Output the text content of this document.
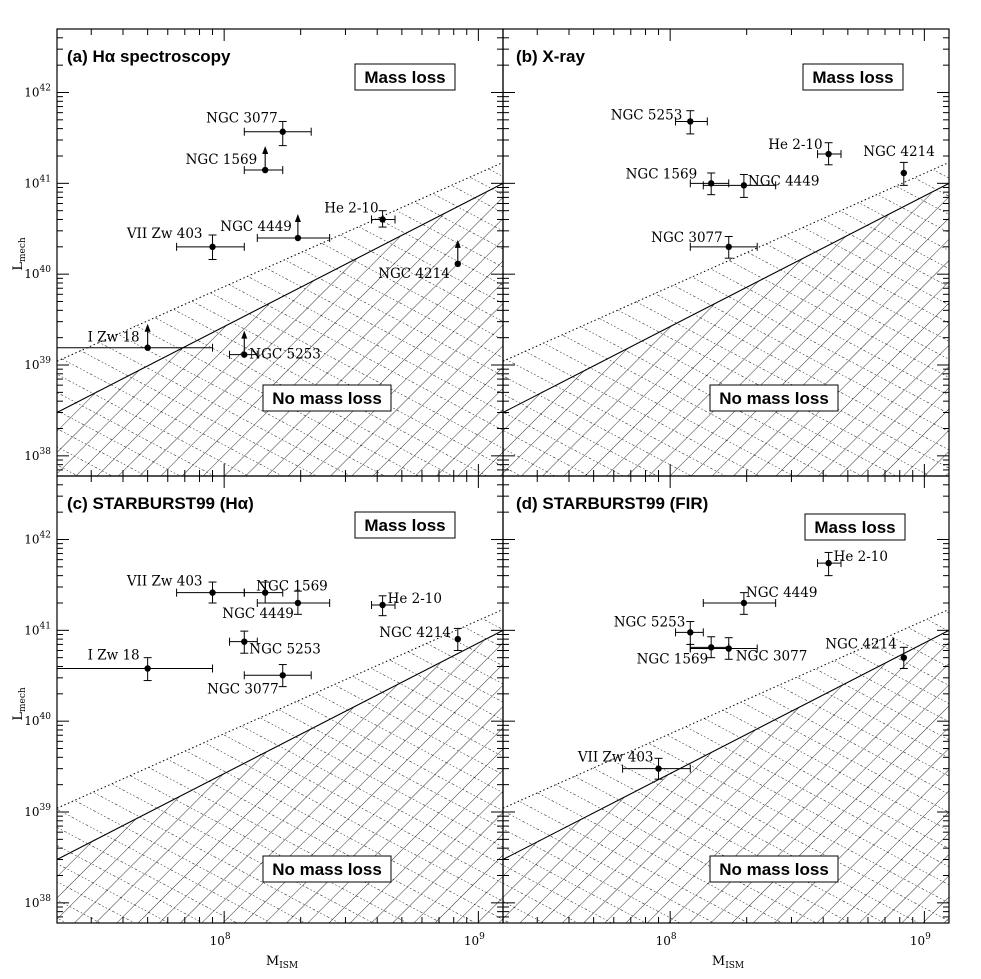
$10^{38}$
$10^{39}$
$10^{40}$
$10^{41}$
$10^{42}$
NGC 3077
NGC 1569
He 2-10
NGC 4449
VII Zw 403
NGC 4214
I Zw 18
NGC 5253
(a) Hα spectroscopy
Mass loss
No mass loss
NGC 5253
He 2-10	NGC 4214
NGC 1569	NGC 4449
NGC 3077
(b) X-ray
Mass loss
No mass loss
$10^{38}$
$10^{39}$
$10^{40}$
$10^{41}$
$10^{42}$
$10^8$	$10^9$
VII Zw 403	NGC 1569
NGC 4449
He 2-10
NGC 5253
NGC 4214
I Zw 18
NGC 3077
(c) STARBURST99 (Hα)
Mass loss
No mass loss
$10^8$	$10^9$
He 2-10
NGC 4449
NGC 5253
NGC 1569 NGC 3077
NGC 4214
VII Zw 403
(d) STARBURST99 (FIR)
Mass loss
No mass loss
$L_{mech}$
$L_{mech}$
$M_{ISM}$	$M_{ISM}$
